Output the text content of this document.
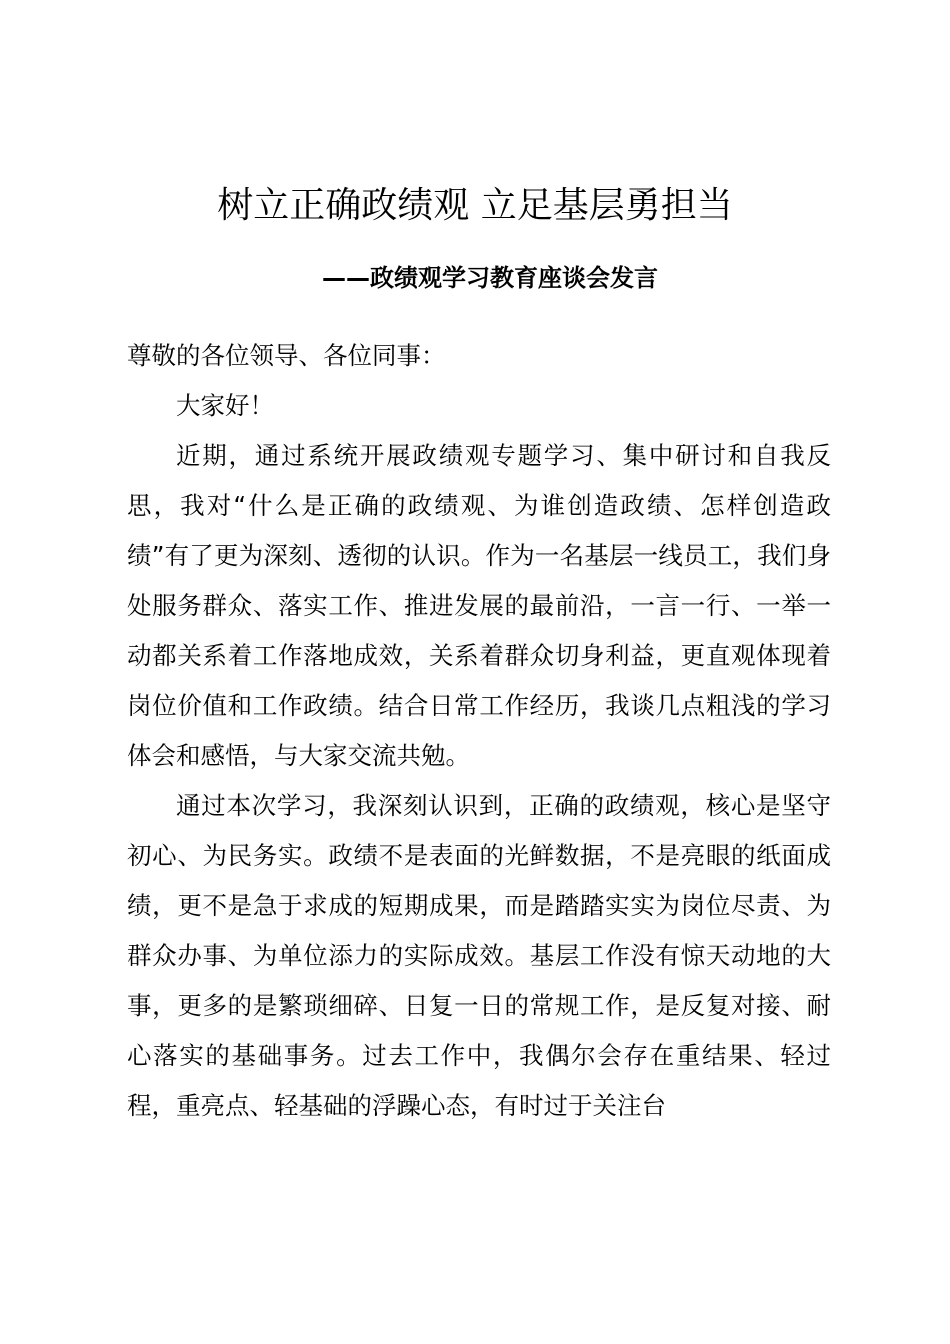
树立正确政绩观 立足基层勇担当
——政绩观学习教育座谈会发言

尊敬的各位领导、各位同事：

大家好！

近期，通过系统开展政绩观专题学习、集中研讨和自我反思，我对“什么是正确的政绩观、为谁创造政绩、怎样创造政绩”有了更为深刻、透彻的认识。作为一名基层一线员工，我们身处服务群众、落实工作、推进发展的最前沿，一言一行、一举一动都关系着工作落地成效，关系着群众切身利益，更直观体现着岗位价值和工作政绩。结合日常工作经历，我谈几点粗浅的学习体会和感悟，与大家交流共勉。

通过本次学习，我深刻认识到，正确的政绩观，核心是坚守初心、为民务实。政绩不是表面的光鲜数据，不是亮眼的纸面成绩，更不是急于求成的短期成果，而是踏踏实实为岗位尽责、为群众办事、为单位添力的实际成效。基层工作没有惊天动地的大事，更多的是繁琐细碎、日复一日的常规工作，是反复对接、耐心落实的基础事务。过去工作中，我偶尔会存在重结果、轻过程，重亮点、轻基础的浮躁心态，有时过于关注台
